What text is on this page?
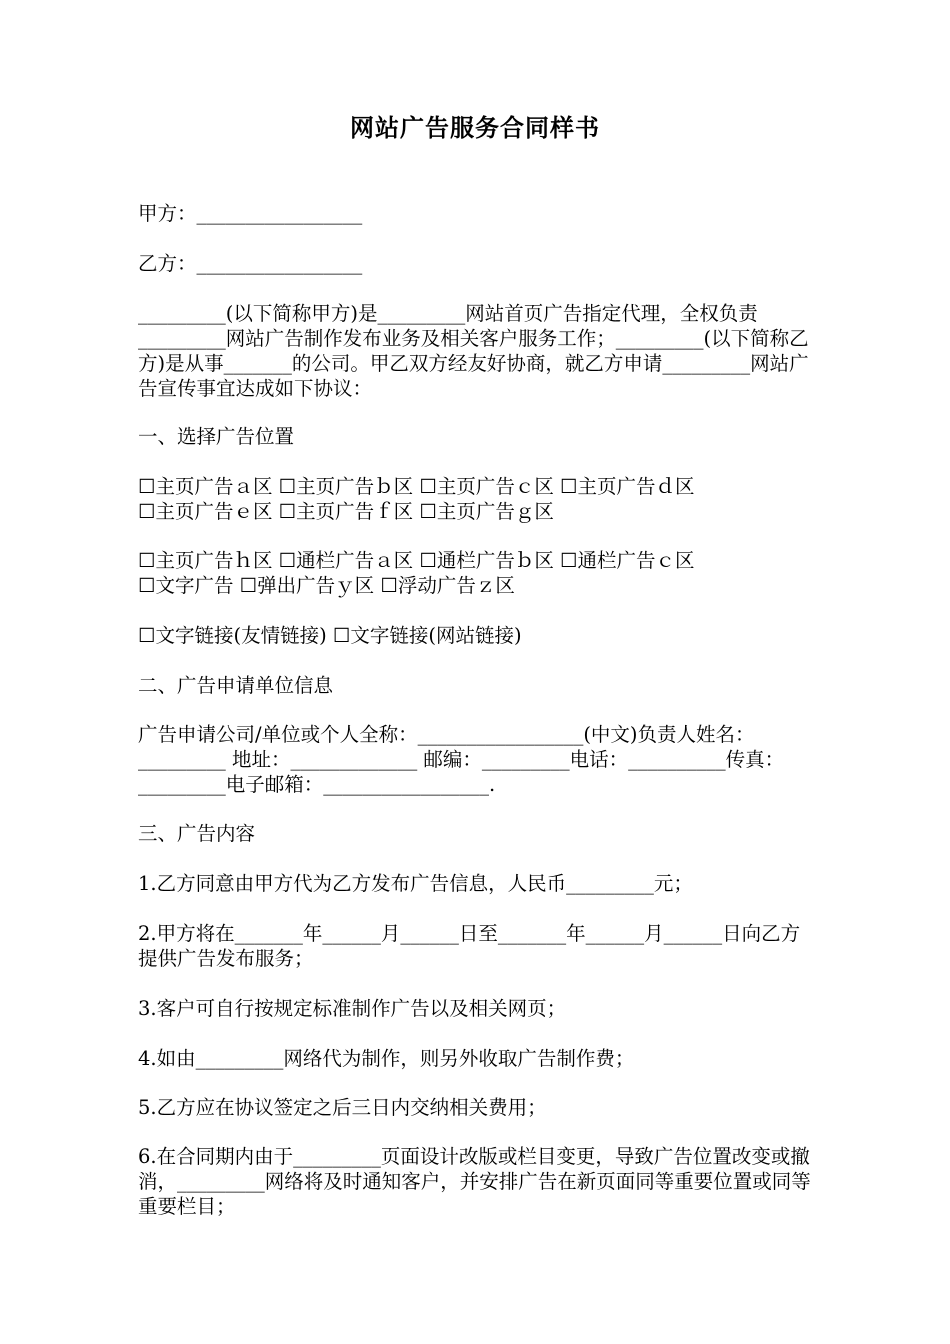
网站广告服务合同样书
甲方：_________________
乙方：_________________
_________(以下简称甲方)是_________网站首页广告指定代理，全权负责_________网站广告制作发布业务及相关客户服务工作；_________(以下简称乙方)是从事_______的公司。甲乙双方经友好协商，就乙方申请_________网站广告宣传事宜达成如下协议：
一、选择广告位置
☐主页广告ａ区 ☐主页广告ｂ区 ☐主页广告ｃ区 ☐主页广告ｄ区
☐主页广告ｅ区 ☐主页广告ｆ区 ☐主页广告ｇ区
☐主页广告ｈ区 ☐通栏广告ａ区 ☐通栏广告ｂ区 ☐通栏广告ｃ区
☐文字广告 ☐弹出广告ｙ区 ☐浮动广告ｚ区
☐文字链接(友情链接) ☐文字链接(网站链接)
二、广告申请单位信息
广告申请公司/单位或个人全称：_________________(中文)负责人姓名：_________ 地址：_____________ 邮编：_________电话：__________传真：_________电子邮箱：_________________.
三、广告内容
1.乙方同意由甲方代为乙方发布广告信息，人民币_________元；
2.甲方将在_______年______月______日至_______年______月______日向乙方提供广告发布服务；
3.客户可自行按规定标准制作广告以及相关网页；
4.如由_________网络代为制作，则另外收取广告制作费；
5.乙方应在协议签定之后三日内交纳相关费用；
6.在合同期内由于_________页面设计改版或栏目变更，导致广告位置改变或撤消，_________网络将及时通知客户，并安排广告在新页面同等重要位置或同等重要栏目；
